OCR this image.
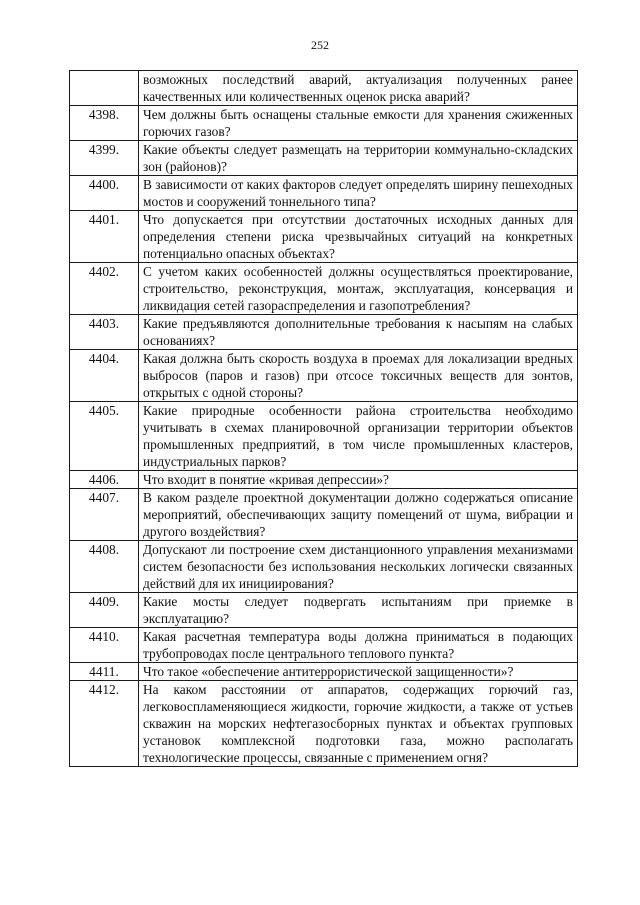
252
	возможных последствий аварий, актуализация полученных ранее качественных или количественных оценок риска аварий?
4398.	Чем должны быть оснащены стальные емкости для хранения сжиженных горючих газов?
4399.	Какие объекты следует размещать на территории коммунально-складских зон (районов)?
4400.	В зависимости от каких факторов следует определять ширину пешеходных мостов и сооружений тоннельного типа?
4401.	Что допускается при отсутствии достаточных исходных данных для определения степени риска чрезвычайных ситуаций на конкретных потенциально опасных объектах?
4402.	С учетом каких особенностей должны осуществляться проектирование, строительство, реконструкция, монтаж, эксплуатация, консервация и ликвидация сетей газораспределения и газопотребления?
4403.	Какие предъявляются дополнительные требования к насыпям на слабых основаниях?
4404.	Какая должна быть скорость воздуха в проемах для локализации вредных выбросов (паров и газов) при отсосе токсичных веществ для зонтов, открытых с одной стороны?
4405.	Какие природные особенности района строительства необходимо учитывать в схемах планировочной организации территории объектов промышленных предприятий, в том числе промышленных кластеров, индустриальных парков?
4406.	Что входит в понятие «кривая депрессии»?
4407.	В каком разделе проектной документации должно содержаться описание мероприятий, обеспечивающих защиту помещений от шума, вибрации и другого воздействия?
4408.	Допускают ли построение схем дистанционного управления механизмами систем безопасности без использования нескольких логически связанных действий для их инициирования?
4409.	Какие мосты следует подвергать испытаниям при приемке в эксплуатацию?
4410.	Какая расчетная температура воды должна приниматься в подающих трубопроводах после центрального теплового пункта?
4411.	Что такое «обеспечение антитеррористической защищенности»?
4412.	На каком расстоянии от аппаратов, содержащих горючий газ, легковоспламеняющиеся жидкости, горючие жидкости, а также от устьев скважин на морских нефтегазосборных пунктах и объектах групповых установок комплексной подготовки газа, можно располагать технологические процессы, связанные с применением огня?
